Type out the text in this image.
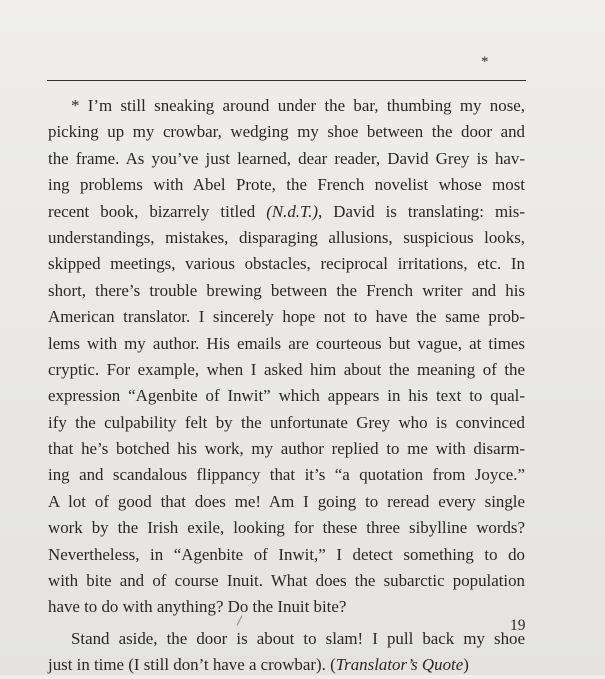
*
* I’m still sneaking around under the bar, thumbing my nose,
picking up my crowbar, wedging my shoe between the door and
the frame. As you’ve just learned, dear reader, David Grey is hav-
ing problems with Abel Prote, the French novelist whose most
recent book, bizarrely titled (N.d.T.), David is translating: mis-
understandings, mistakes, disparaging allusions, suspicious looks,
skipped meetings, various obstacles, reciprocal irritations, etc. In
short, there’s trouble brewing between the French writer and his
American translator. I sincerely hope not to have the same prob-
lems with my author. His emails are courteous but vague, at times
cryptic. For example, when I asked him about the meaning of the
expression “Agenbite of Inwit” which appears in his text to qual-
ify the culpability felt by the unfortunate Grey who is convinced
that he’s botched his work, my author replied to me with disarm-
ing and scandalous flippancy that it’s “a quotation from Joyce.”
A lot of good that does me! Am I going to reread every single
work by the Irish exile, looking for these three sibylline words?
Nevertheless, in “Agenbite of Inwit,” I detect something to do
with bite and of course Inuit. What does the subarctic population
have to do with anything? Do the Inuit bite?
Stand aside, the door is about to slam! I pull back my shoe
just in time (I still don’t have a crowbar). (Translator’s Quote)
19
